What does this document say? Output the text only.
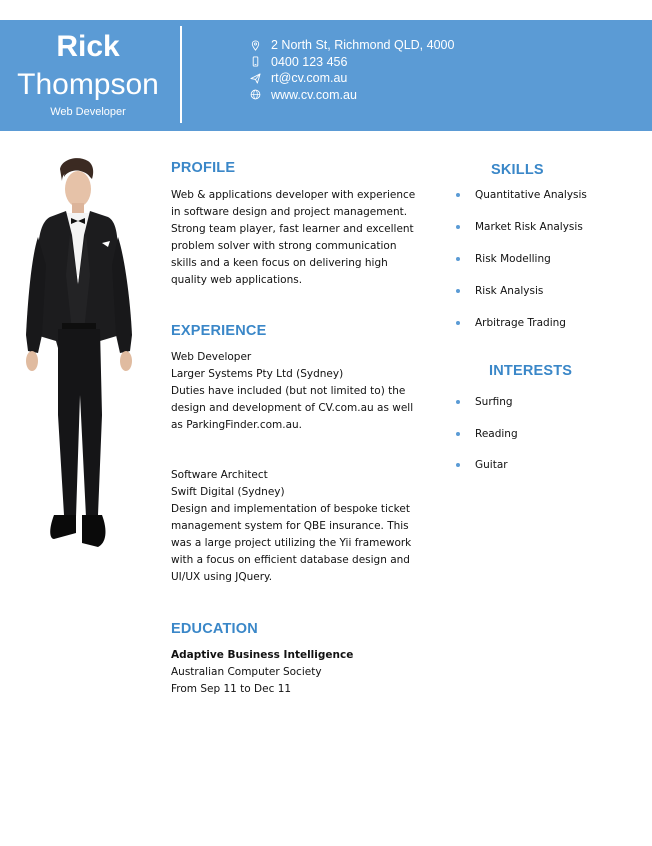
Rick
Thompson
Web Developer
2 North St, Richmond QLD, 4000
0400 123 456
rt@cv.com.au
www.cv.com.au
PROFILE
Web & applications developer with experience
in software design and project management.
Strong team player, fast learner and excellent
problem solver with strong communication
skills and a keen focus on delivering high
quality web applications.
EXPERIENCE
Web Developer
Larger Systems Pty Ltd (Sydney)
Duties have included (but not limited to) the
design and development of CV.com.au as well
as ParkingFinder.com.au.
Software Architect
Swift Digital (Sydney)
Design and implementation of bespoke ticket
management system for QBE insurance. This
was a large project utilizing the Yii framework
with a focus on efficient database design and
UI/UX using JQuery.
EDUCATION
Adaptive Business Intelligence
Australian Computer Society
From Sep 11 to Dec 11
SKILLS
Quantitative Analysis
Market Risk Analysis
Risk Modelling
Risk Analysis
Arbitrage Trading
INTERESTS
Surfing
Reading
Guitar
